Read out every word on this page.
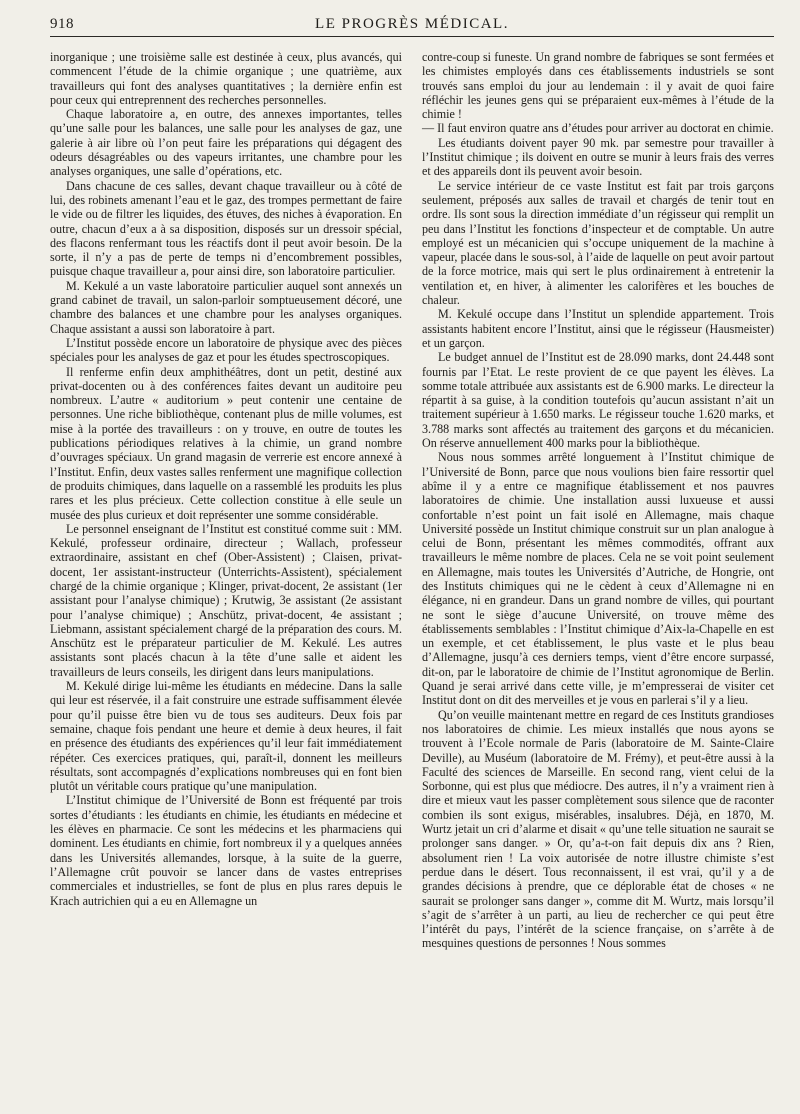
918	LE PROGRÈS MÉDICAL.

inorganique ; une troisième salle est destinée à ceux, plus avancés, qui commencent l’étude de la chimie organique ; une quatrième, aux travailleurs qui font des analyses quantitatives ; la dernière enfin est pour ceux qui entreprennent des recherches personnelles.

Chaque laboratoire a, en outre, des annexes importantes, telles qu’une salle pour les balances, une salle pour les analyses de gaz, une galerie à air libre où l’on peut faire les préparations qui dégagent des odeurs désagréables ou des vapeurs irritantes, une chambre pour les analyses organiques, une salle d’opérations, etc.

Dans chacune de ces salles, devant chaque travailleur ou à côté de lui, des robinets amenant l’eau et le gaz, des trompes permettant de faire le vide ou de filtrer les liquides, des étuves, des niches à évaporation. En outre, chacun d’eux a à sa disposition, disposés sur un dressoir spécial, des flacons renfermant tous les réactifs dont il peut avoir besoin. De la sorte, il n’y a pas de perte de temps ni d’encombrement possibles, puisque chaque travailleur a, pour ainsi dire, son laboratoire particulier.

M. Kekulé a un vaste laboratoire particulier auquel sont annexés un grand cabinet de travail, un salon-parloir somptueusement décoré, une chambre des balances et une chambre pour les analyses organiques. Chaque assistant a aussi son laboratoire à part.

L’Institut possède encore un laboratoire de physique avec des pièces spéciales pour les analyses de gaz et pour les études spectroscopiques.

Il renferme enfin deux amphithéâtres, dont un petit, destiné aux privat-docenten ou à des conférences faites devant un auditoire peu nombreux. L’autre « auditorium » peut contenir une centaine de personnes. Une riche bibliothèque, contenant plus de mille volumes, est mise à la portée des travailleurs : on y trouve, en outre de toutes les publications périodiques relatives à la chimie, un grand nombre d’ouvrages spéciaux. Un grand magasin de verrerie est encore annexé à l’Institut. Enfin, deux vastes salles renferment une magnifique collection de produits chimiques, dans laquelle on a rassemblé les produits les plus rares et les plus précieux. Cette collection constitue à elle seule un musée des plus curieux et doit représenter une somme considérable.

Le personnel enseignant de l’Institut est constitué comme suit : MM. Kekulé, professeur ordinaire, directeur ; Wallach, professeur extraordinaire, assistant en chef (Ober-Assistent) ; Claisen, privat-docent, 1er assistant-instructeur (Unterrichts-Assistent), spécialement chargé de la chimie organique ; Klinger, privat-docent, 2e assistant (1er assistant pour l’analyse chimique) ; Krutwig, 3e assistant (2e assistant pour l’analyse chimique) ; Anschütz, privat-docent, 4e assistant ; Liebmann, assistant spécialement chargé de la préparation des cours. M. Anschütz est le préparateur particulier de M. Kekulé. Les autres assistants sont placés chacun à la tête d’une salle et aident les travailleurs de leurs conseils, les dirigent dans leurs manipulations.

M. Kekulé dirige lui-même les étudiants en médecine. Dans la salle qui leur est réservée, il a fait construire une estrade suffisamment élevée pour qu’il puisse être bien vu de tous ses auditeurs. Deux fois par semaine, chaque fois pendant une heure et demie à deux heures, il fait en présence des étudiants des expériences qu’il leur fait immédiatement répéter. Ces exercices pratiques, qui, paraît-il, donnent les meilleurs résultats, sont accompagnés d’explications nombreuses qui en font bien plutôt un véritable cours pratique qu’une manipulation.

L’Institut chimique de l’Université de Bonn est fréquenté par trois sortes d’étudiants : les étudiants en chimie, les étudiants en médecine et les élèves en pharmacie. Ce sont les médecins et les pharmaciens qui dominent. Les étudiants en chimie, fort nombreux il y a quelques années dans les Universités allemandes, lorsque, à la suite de la guerre, l’Allemagne crût pouvoir se lancer dans de vastes entreprises commerciales et industrielles, se font de plus en plus rares depuis le Krach autrichien qui a eu en Allemagne un

contre-coup si funeste. Un grand nombre de fabriques se sont fermées et les chimistes employés dans ces établissements industriels se sont trouvés sans emploi du jour au lendemain : il y avait de quoi faire réfléchir les jeunes gens qui se préparaient eux-mêmes à l’étude de la chimie !

— Il faut environ quatre ans d’études pour arriver au doctorat en chimie.

Les étudiants doivent payer 90 mk. par semestre pour travailler à l’Institut chimique ; ils doivent en outre se munir à leurs frais des verres et des appareils dont ils peuvent avoir besoin.

Le service intérieur de ce vaste Institut est fait par trois garçons seulement, préposés aux salles de travail et chargés de tenir tout en ordre. Ils sont sous la direction immédiate d’un régisseur qui remplit un peu dans l’Institut les fonctions d’inspecteur et de comptable. Un autre employé est un mécanicien qui s’occupe uniquement de la machine à vapeur, placée dans le sous-sol, à l’aide de laquelle on peut avoir partout de la force motrice, mais qui sert le plus ordinairement à entretenir la ventilation et, en hiver, à alimenter les calorifères et les bouches de chaleur.

M. Kekulé occupe dans l’Institut un splendide appartement. Trois assistants habitent encore l’Institut, ainsi que le régisseur (Hausmeister) et un garçon.

Le budget annuel de l’Institut est de 28.090 marks, dont 24.448 sont fournis par l’Etat. Le reste provient de ce que payent les élèves. La somme totale attribuée aux assistants est de 6.900 marks. Le directeur la répartit à sa guise, à la condition toutefois qu’aucun assistant n’ait un traitement supérieur à 1.650 marks. Le régisseur touche 1.620 marks, et 3.788 marks sont affectés au traitement des garçons et du mécanicien. On réserve annuellement 400 marks pour la bibliothèque.

Nous nous sommes arrêté longuement à l’Institut chimique de l’Université de Bonn, parce que nous voulions bien faire ressortir quel abîme il y a entre ce magnifique établissement et nos pauvres laboratoires de chimie. Une installation aussi luxueuse et aussi confortable n’est point un fait isolé en Allemagne, mais chaque Université possède un Institut chimique construit sur un plan analogue à celui de Bonn, présentant les mêmes commodités, offrant aux travailleurs le même nombre de places. Cela ne se voit point seulement en Allemagne, mais toutes les Universités d’Autriche, de Hongrie, ont des Instituts chimiques qui ne le cèdent à ceux d’Allemagne ni en élégance, ni en grandeur. Dans un grand nombre de villes, qui pourtant ne sont le siège d’aucune Université, on trouve même des établissements semblables : l’Institut chimique d’Aix-la-Chapelle en est un exemple, et cet établissement, le plus vaste et le plus beau d’Allemagne, jusqu’à ces derniers temps, vient d’être encore surpassé, dit-on, par le laboratoire de chimie de l’Institut agronomique de Berlin. Quand je serai arrivé dans cette ville, je m’empresserai de visiter cet Institut dont on dit des merveilles et je vous en parlerai s’il y a lieu.

Qu’on veuille maintenant mettre en regard de ces Instituts grandioses nos laboratoires de chimie. Les mieux installés que nous ayons se trouvent à l’Ecole normale de Paris (laboratoire de M. Sainte-Claire Deville), au Muséum (laboratoire de M. Frémy), et peut-être aussi à la Faculté des sciences de Marseille. En second rang, vient celui de la Sorbonne, qui est plus que médiocre. Des autres, il n’y a vraiment rien à dire et mieux vaut les passer complètement sous silence que de raconter combien ils sont exigus, misérables, insalubres. Déjà, en 1870, M. Wurtz jetait un cri d’alarme et disait « qu’une telle situation ne saurait se prolonger sans danger. » Or, qu’a-t-on fait depuis dix ans ? Rien, absolument rien ! La voix autorisée de notre illustre chimiste s’est perdue dans le désert. Tous reconnaissent, il est vrai, qu’il y a de grandes décisions à prendre, que ce déplorable état de choses « ne saurait se prolonger sans danger », comme dit M. Wurtz, mais lorsqu’il s’agit de s’arrêter à un parti, au lieu de rechercher ce qui peut être l’intérêt du pays, l’intérêt de la science française, on s’arrête à de mesquines questions de personnes ! Nous sommes
